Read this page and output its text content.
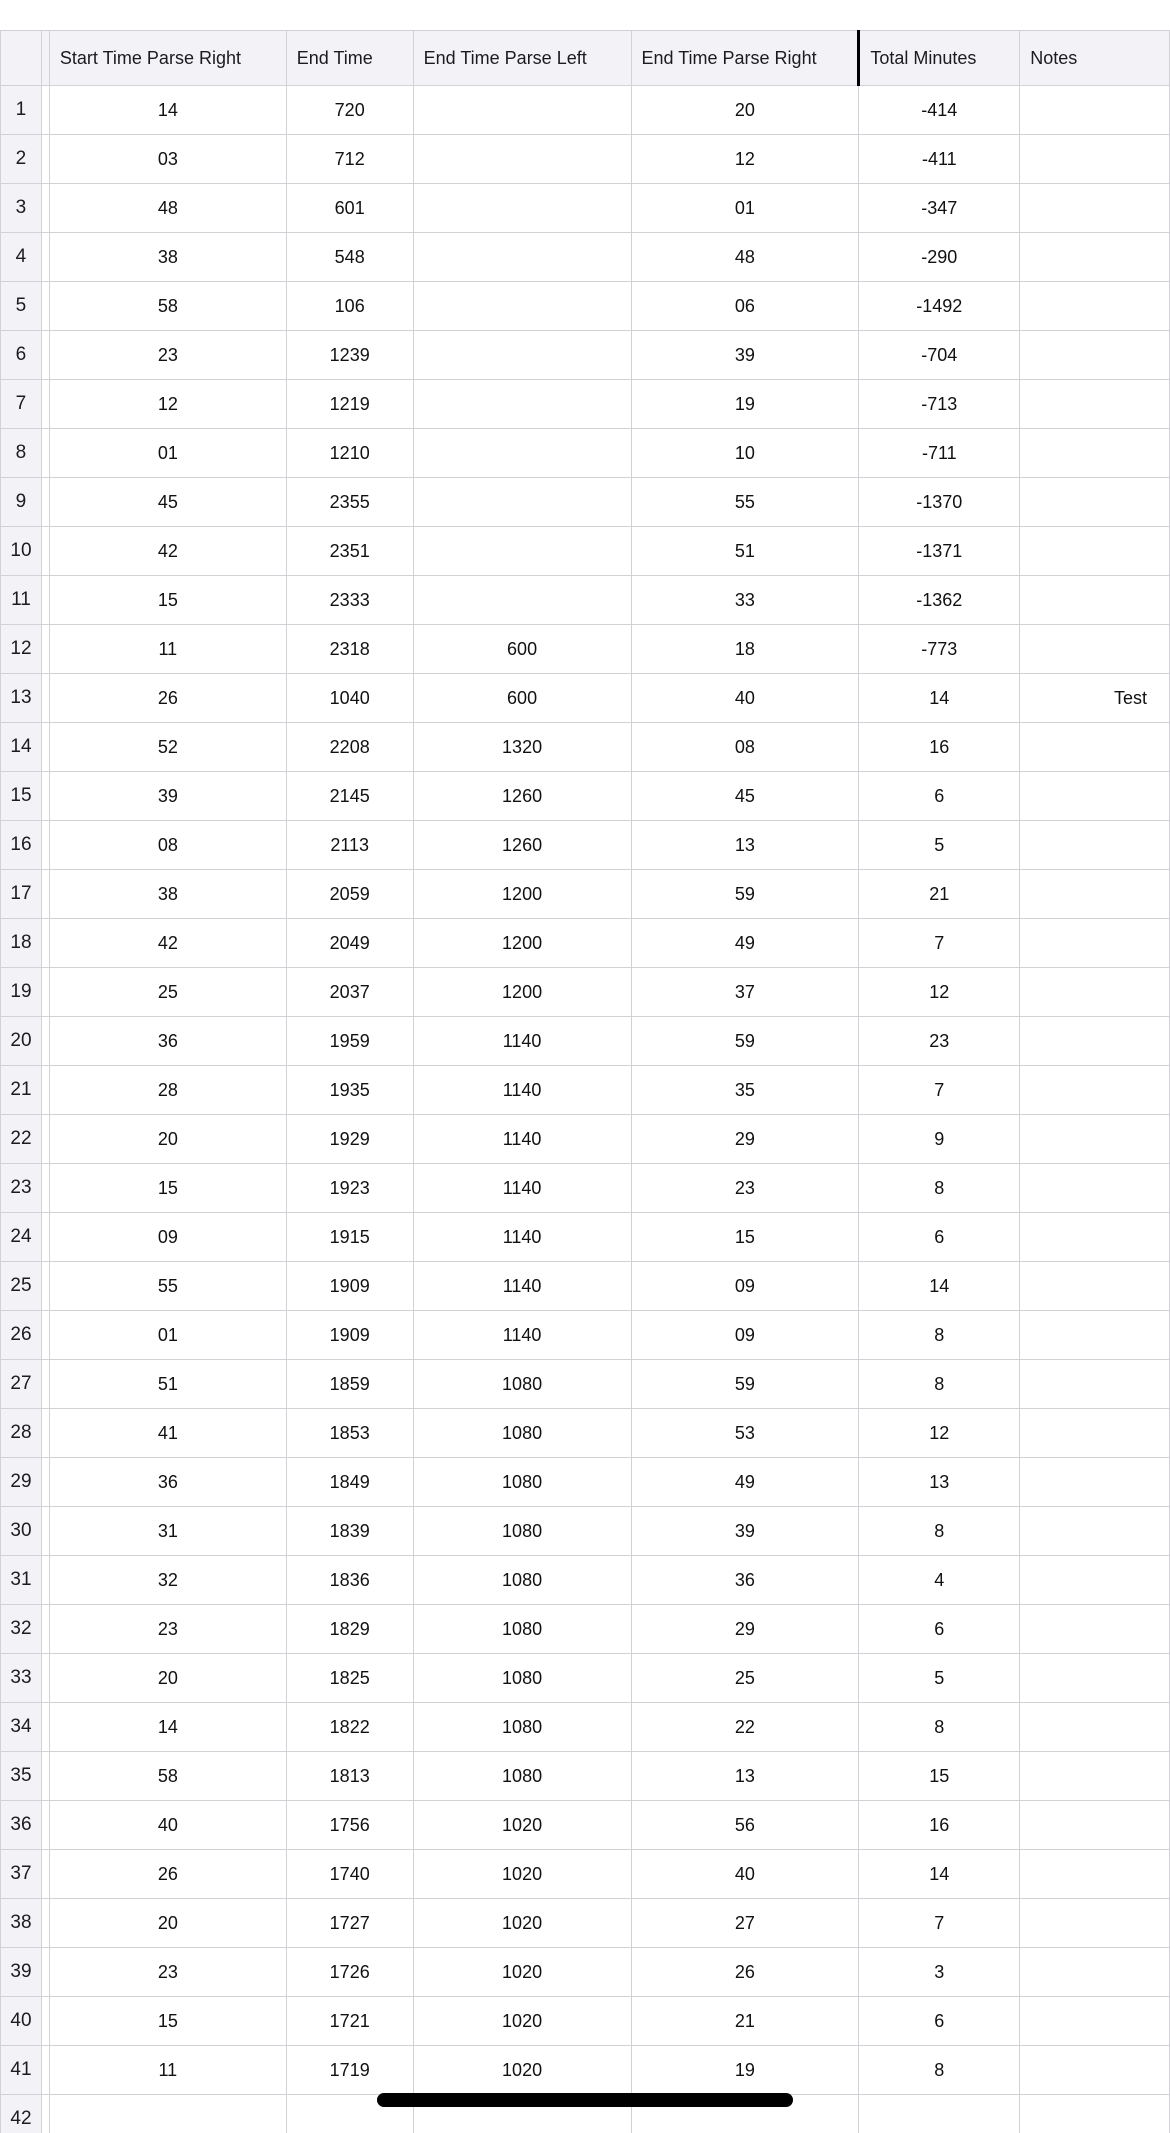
		Start Time Parse Right	End Time	End Time Parse Left	End Time Parse Right	Total Minutes	Notes
1		14	720		20	-414	
2		03	712		12	-411	
3		48	601		01	-347	
4		38	548		48	-290	
5		58	106		06	-1492	
6		23	1239		39	-704	
7		12	1219		19	-713	
8		01	1210		10	-711	
9		45	2355		55	-1370	
10		42	2351		51	-1371	
11		15	2333		33	-1362	
12		11	2318	600	18	-773	
13		26	1040	600	40	14	Test
14		52	2208	1320	08	16	
15		39	2145	1260	45	6	
16		08	2113	1260	13	5	
17		38	2059	1200	59	21	
18		42	2049	1200	49	7	
19		25	2037	1200	37	12	
20		36	1959	1140	59	23	
21		28	1935	1140	35	7	
22		20	1929	1140	29	9	
23		15	1923	1140	23	8	
24		09	1915	1140	15	6	
25		55	1909	1140	09	14	
26		01	1909	1140	09	8	
27		51	1859	1080	59	8	
28		41	1853	1080	53	12	
29		36	1849	1080	49	13	
30		31	1839	1080	39	8	
31		32	1836	1080	36	4	
32		23	1829	1080	29	6	
33		20	1825	1080	25	5	
34		14	1822	1080	22	8	
35		58	1813	1080	13	15	
36		40	1756	1020	56	16	
37		26	1740	1020	40	14	
38		20	1727	1020	27	7	
39		23	1726	1020	26	3	
40		15	1721	1020	21	6	
41		11	1719	1020	19	8	
42							
